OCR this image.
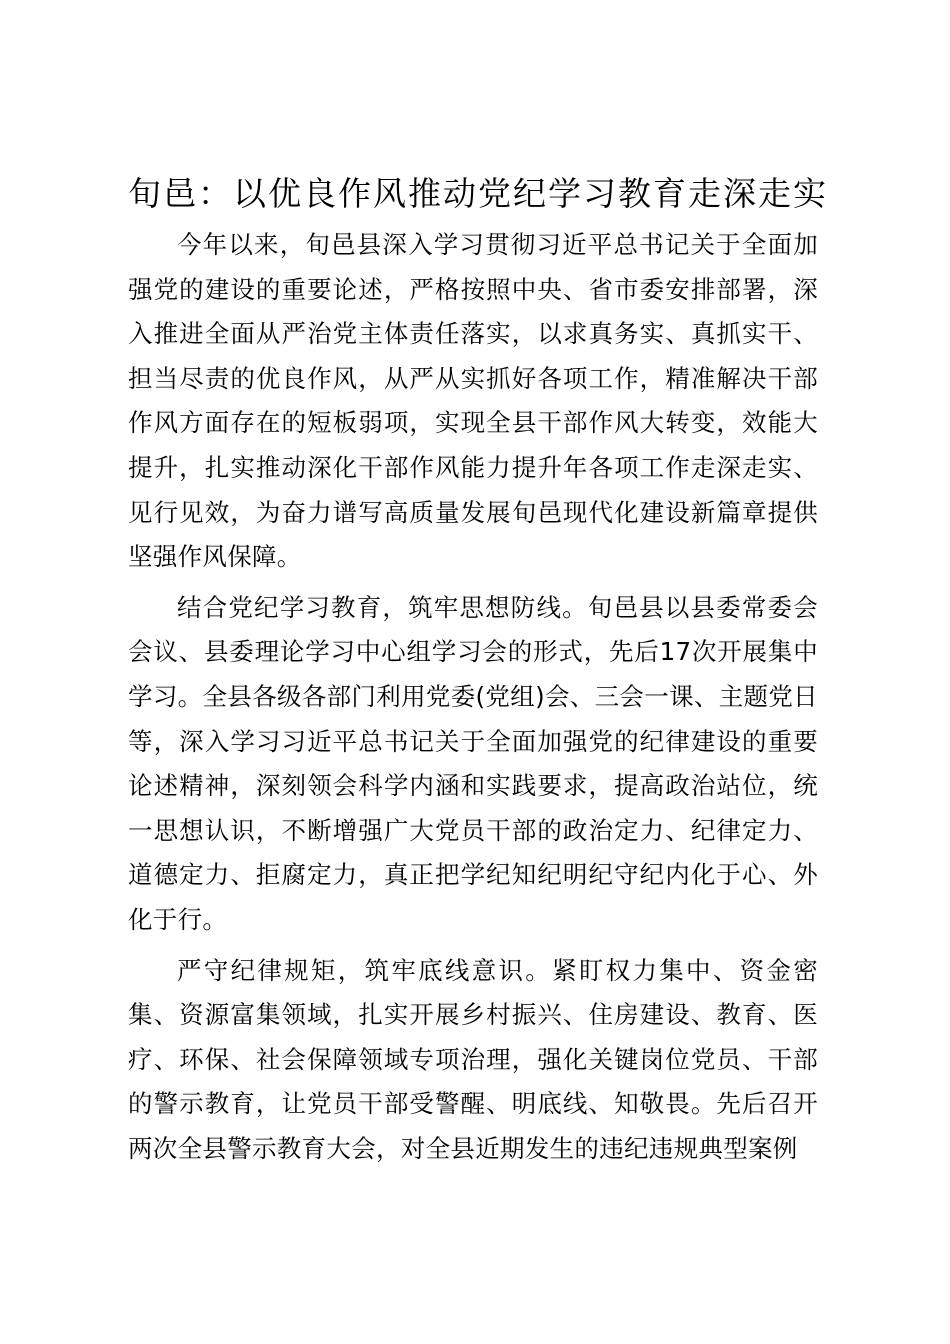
旬邑：以优良作风推动党纪学习教育走深走实

今年以来，旬邑县深入学习贯彻习近平总书记关于全面加强党的建设的重要论述，严格按照中央、省市委安排部署，深入推进全面从严治党主体责任落实，以求真务实、真抓实干、担当尽责的优良作风，从严从实抓好各项工作，精准解决干部作风方面存在的短板弱项，实现全县干部作风大转变，效能大提升，扎实推动深化干部作风能力提升年各项工作走深走实、见行见效，为奋力谱写高质量发展旬邑现代化建设新篇章提供坚强作风保障。

结合党纪学习教育，筑牢思想防线。旬邑县以县委常委会会议、县委理论学习中心组学习会的形式，先后17次开展集中学习。全县各级各部门利用党委(党组)会、三会一课、主题党日等，深入学习习近平总书记关于全面加强党的纪律建设的重要论述精神，深刻领会科学内涵和实践要求，提高政治站位，统一思想认识，不断增强广大党员干部的政治定力、纪律定力、道德定力、拒腐定力，真正把学纪知纪明纪守纪内化于心、外化于行。

严守纪律规矩，筑牢底线意识。紧盯权力集中、资金密集、资源富集领域，扎实开展乡村振兴、住房建设、教育、医疗、环保、社会保障领域专项治理，强化关键岗位党员、干部的警示教育，让党员干部受警醒、明底线、知敬畏。先后召开两次全县警示教育大会，对全县近期发生的违纪违规典型案例
